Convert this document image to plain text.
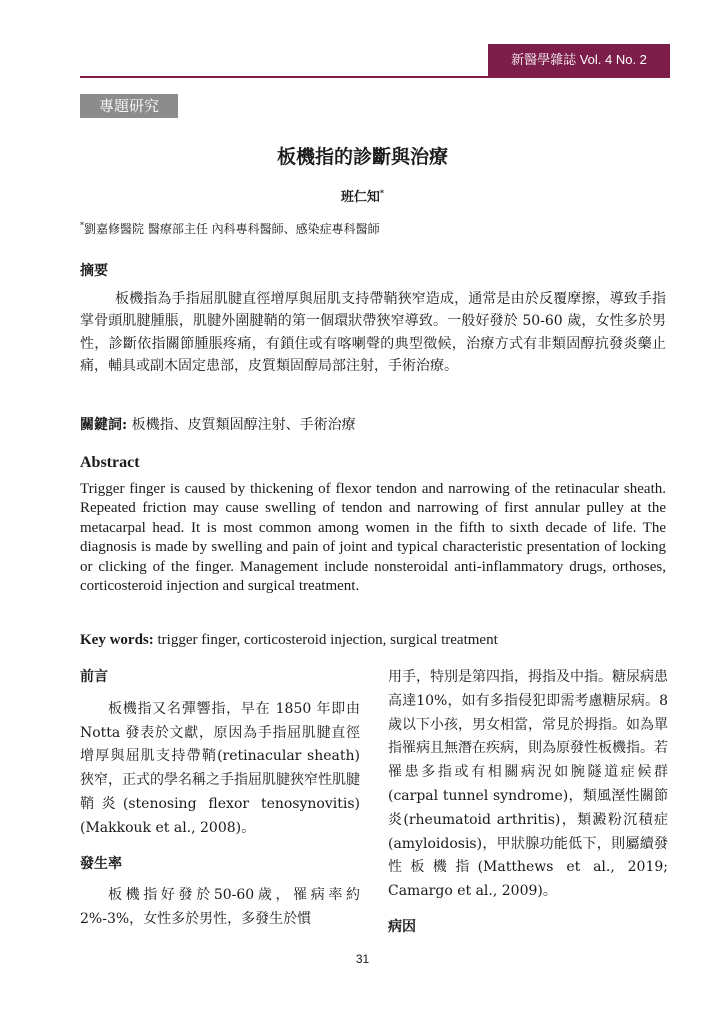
新醫學雜誌 Vol. 4 No. 2
專題研究
板機指的診斷與治療
班仁知*
*劉嘉修醫院 醫療部主任 內科專科醫師、感染症專科醫師
摘要
板機指為手指屈肌腱直徑增厚與屈肌支持帶鞘狹窄造成，通常是由於反覆摩擦，導致手指掌骨頭肌腱腫脹，肌腱外圍腱鞘的第一個環狀帶狹窄導致。一般好發於 50-60 歲，女性多於男性，診斷依指關節腫脹疼痛，有鎖住或有喀喇聲的典型徵候，治療方式有非類固醇抗發炎藥止痛，輔具或副木固定患部，皮質類固醇局部注射，手術治療。
關鍵詞: 板機指、皮質類固醇注射、手術治療
Abstract
Trigger finger is caused by thickening of flexor tendon and narrowing of the retinacular sheath. Repeated friction may cause swelling of tendon and narrowing of first annular pulley at the metacarpal head. It is most common among women in the fifth to sixth decade of life. The diagnosis is made by swelling and pain of joint and typical characteristic presentation of locking or clicking of the finger. Management include nonsteroidal anti-inflammatory drugs, orthoses, corticosteroid injection and surgical treatment.
Key words: trigger finger, corticosteroid injection, surgical treatment
前言

板機指又名彈響指，早在 1850 年即由 Notta 發表於文獻，原因為手指屈肌腱直徑增厚與屈肌支持帶鞘(retinacular sheath)狹窄，正式的學名稱之手指屈肌腱狹窄性肌腱鞘炎(stenosing flexor tenosynovitis)(Makkouk et al., 2008)。

發生率

板機指好發於50-60歲，罹病率約2%-3%，女性多於男性，多發生於慣

用手，特別是第四指，拇指及中指。糖尿病患高達10%，如有多指侵犯即需考慮糖尿病。8歲以下小孩，男女相當，常見於拇指。如為單指罹病且無潛在疾病，則為原發性板機指。若罹患多指或有相關病況如腕隧道症候群(carpal tunnel syndrome)，類風溼性關節炎(rheumatoid arthritis)，類澱粉沉積症(amyloidosis)，甲狀腺功能低下，則屬續發性板機指(Matthews et al., 2019; Camargo et al., 2009)。

病因
31
